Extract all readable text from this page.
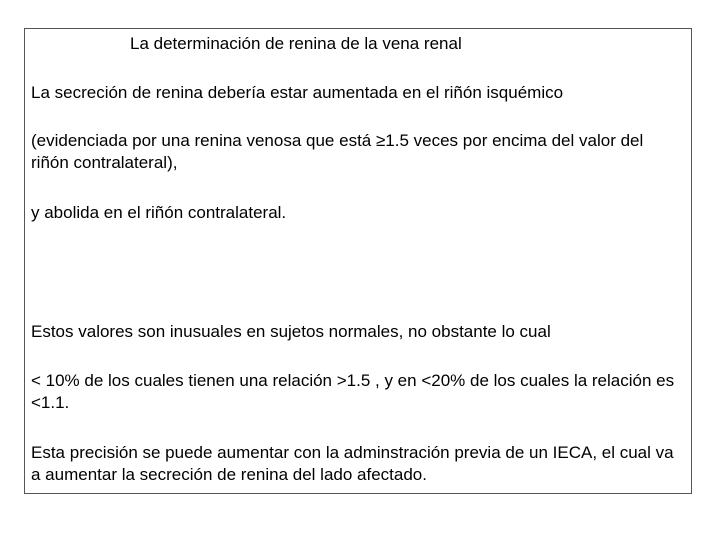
La determinación de renina de la vena renal

La secreción de renina debería estar aumentada en el riñón isquémico

(evidenciada por una renina venosa que está ≥1.5 veces por encima del valor del riñón contralateral),

y abolida en el riñón contralateral.

Estos valores son inusuales en sujetos normales, no obstante lo cual

< 10% de los cuales tienen una relación >1.5 , y en <20% de los cuales la relación es <1.1.

Esta precisión se puede aumentar con la adminstración previa de un IECA, el cual va a aumentar la secreción de renina del lado afectado.
